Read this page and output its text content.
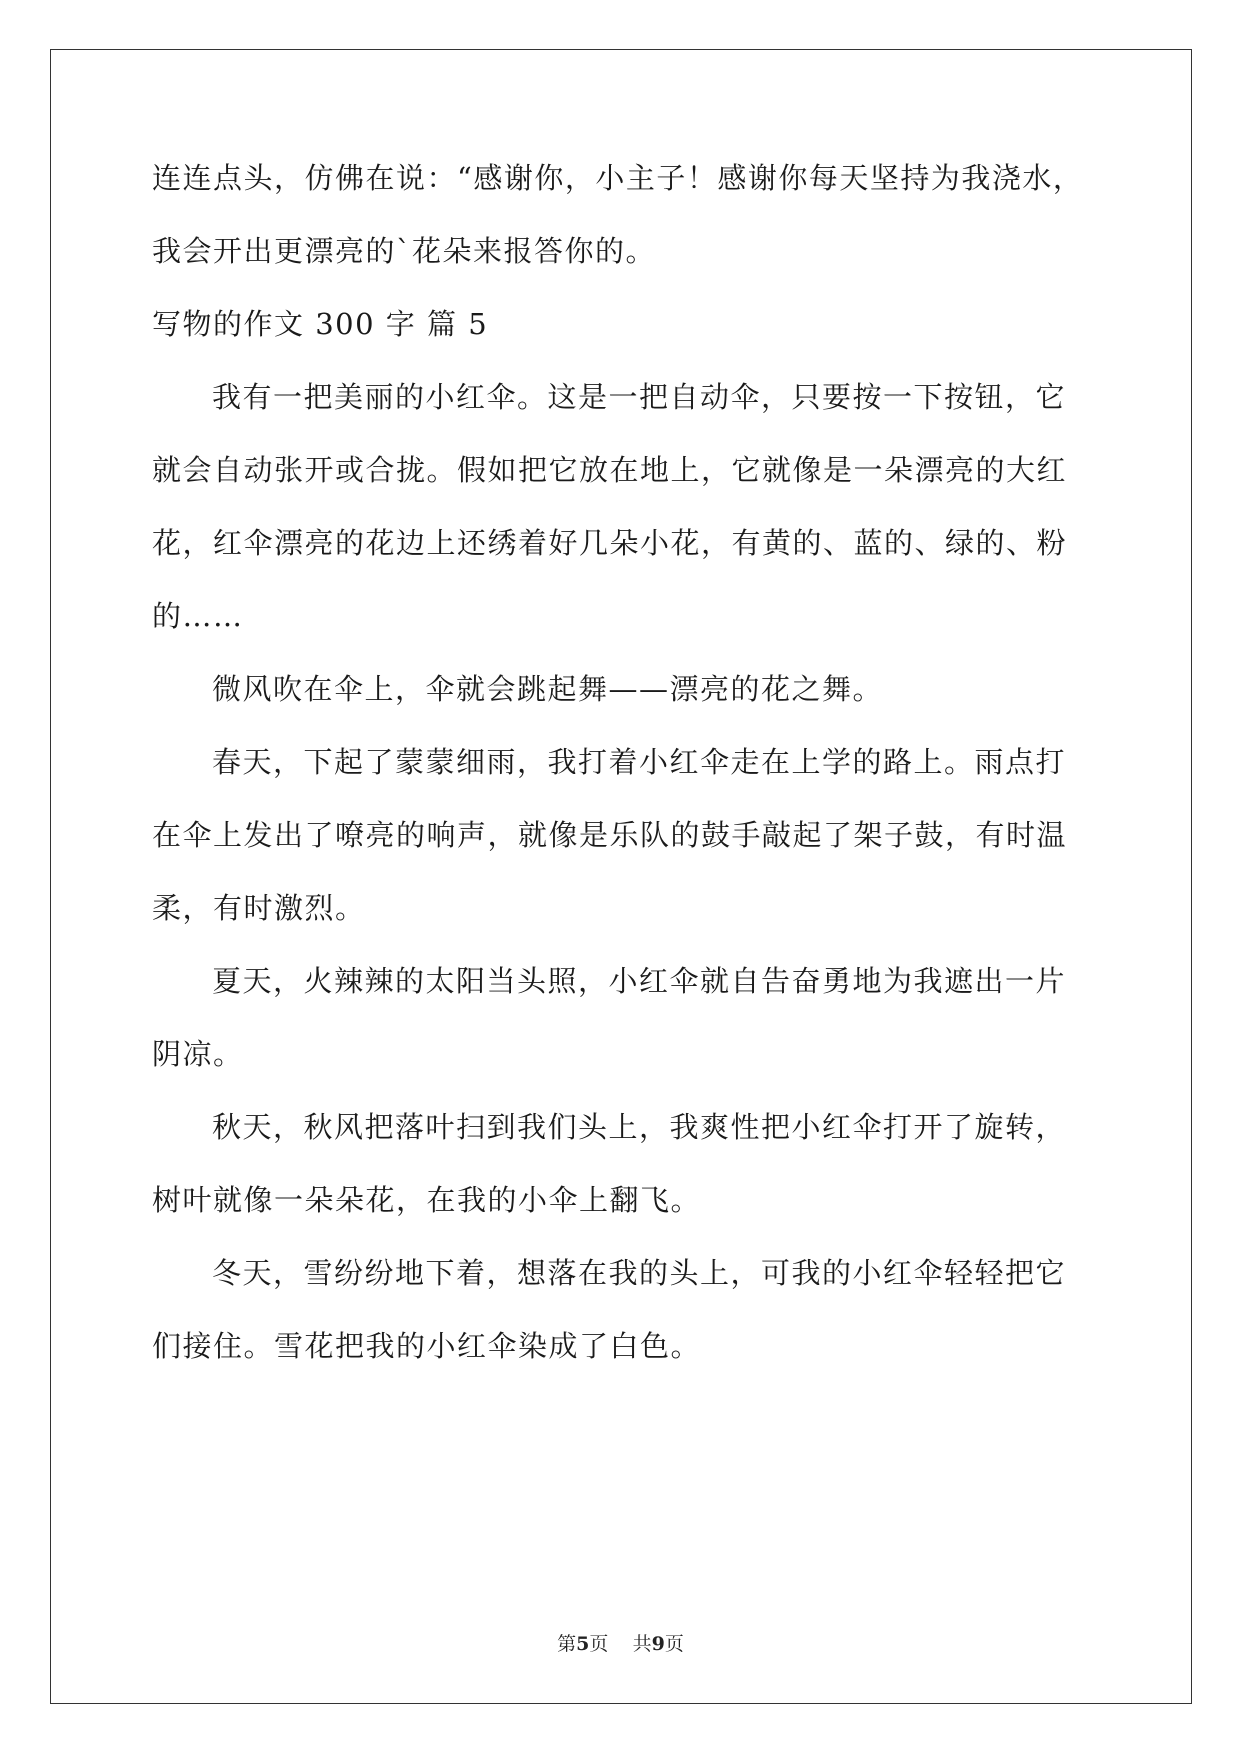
连连点头，仿佛在说：“感谢你，小主子！感谢你每天坚持为我浇水，
我会开出更漂亮的`花朵来报答你的。
写物的作文 300 字 篇 5
我有一把美丽的小红伞。这是一把自动伞，只要按一下按钮，它
就会自动张开或合拢。假如把它放在地上，它就像是一朵漂亮的大红
花，红伞漂亮的花边上还绣着好几朵小花，有黄的、蓝的、绿的、粉
的……
微风吹在伞上，伞就会跳起舞——漂亮的花之舞。
春天，下起了蒙蒙细雨，我打着小红伞走在上学的路上。雨点打
在伞上发出了嘹亮的响声，就像是乐队的鼓手敲起了架子鼓，有时温
柔，有时激烈。
夏天，火辣辣的太阳当头照，小红伞就自告奋勇地为我遮出一片
阴凉。
秋天，秋风把落叶扫到我们头上，我爽性把小红伞打开了旋转，
树叶就像一朵朵花，在我的小伞上翻飞。
冬天，雪纷纷地下着，想落在我的头上，可我的小红伞轻轻把它
们接住。雪花把我的小红伞染成了白色。
第5页 共9页
